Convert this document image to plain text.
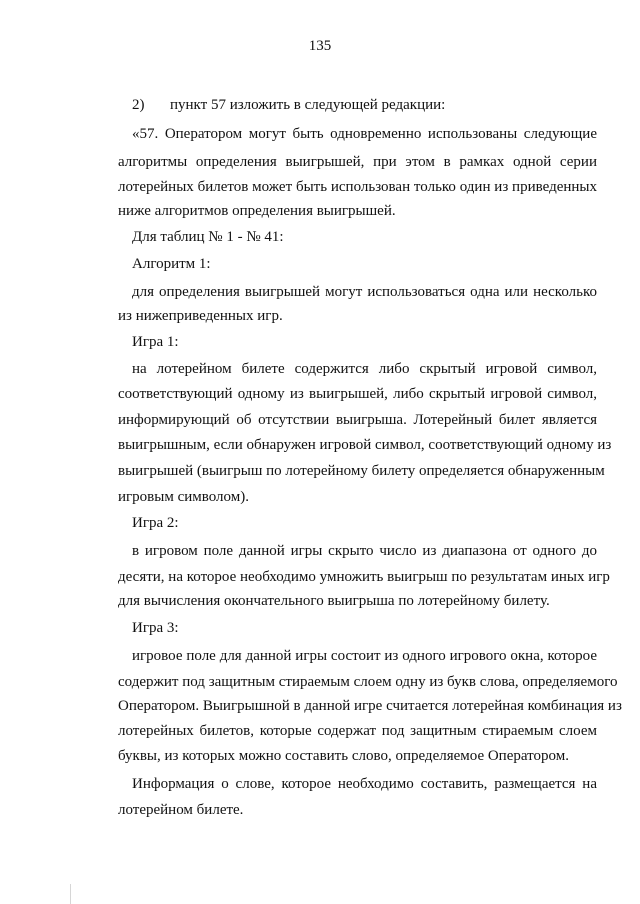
135
2) пункт 57 изложить в следующей редакции:
«57. Оператором могут быть одновременно использованы следующие
алгоритмы определения выигрышей, при этом в рамках одной серии
лотерейных билетов может быть использован только один из приведенных
ниже алгоритмов определения выигрышей.
Для таблиц № 1 - № 41:
Алгоритм 1:
для определения выигрышей могут использоваться одна или несколько
из нижеприведенных игр.
Игра 1:
на лотерейном билете содержится либо скрытый игровой символ,
соответствующий одному из выигрышей, либо скрытый игровой символ,
информирующий об отсутствии выигрыша. Лотерейный билет является
выигрышным, если обнаружен игровой символ, соответствующий одному из
выигрышей (выигрыш по лотерейному билету определяется обнаруженным
игровым символом).
Игра 2:
в игровом поле данной игры скрыто число из диапазона от одного до
десяти, на которое необходимо умножить выигрыш по результатам иных игр
для вычисления окончательного выигрыша по лотерейному билету.
Игра 3:
игровое поле для данной игры состоит из одного игрового окна, которое
содержит под защитным стираемым слоем одну из букв слова, определяемого
Оператором. Выигрышной в данной игре считается лотерейная комбинация из
лотерейных билетов, которые содержат под защитным стираемым слоем
буквы, из которых можно составить слово, определяемое Оператором.
Информация о слове, которое необходимо составить, размещается на
лотерейном билете.
